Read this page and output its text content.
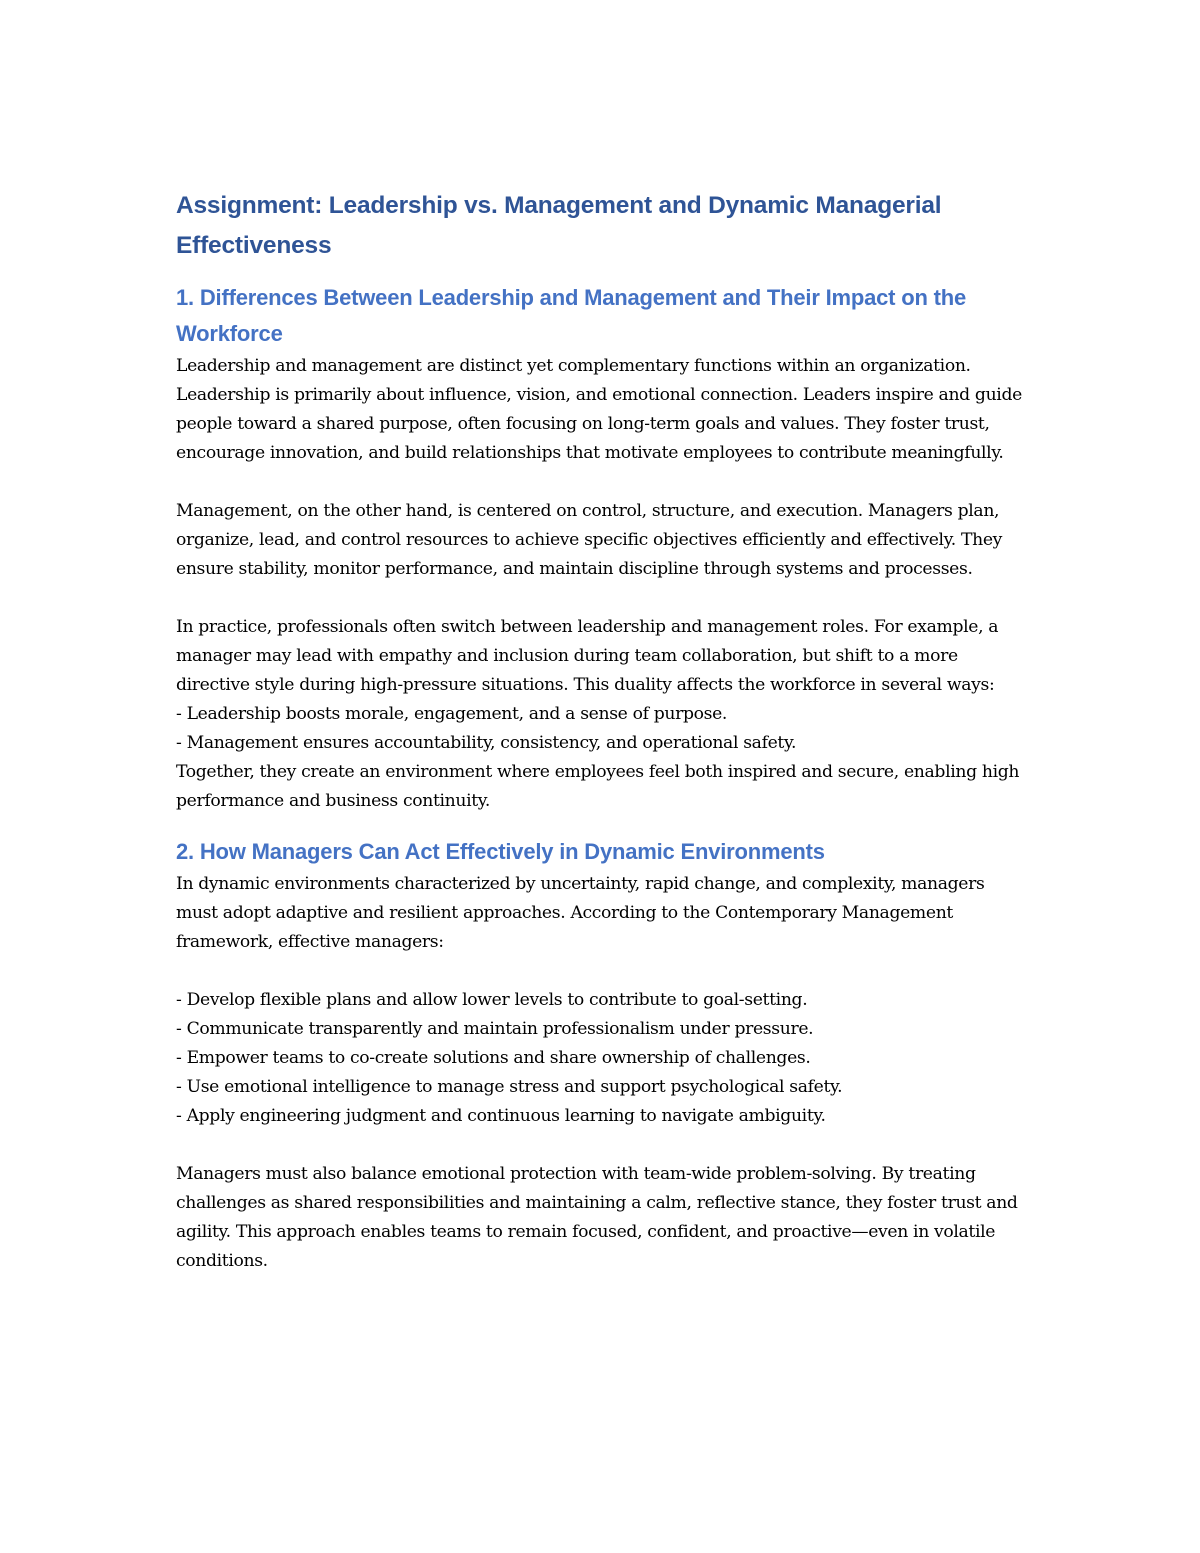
Assignment: Leadership vs. Management and Dynamic Managerial Effectiveness
1. Differences Between Leadership and Management and Their Impact on the Workforce

Leadership and management are distinct yet complementary functions within an organization. Leadership is primarily about influence, vision, and emotional connection. Leaders inspire and guide people toward a shared purpose, often focusing on long-term goals and values. They foster trust, encourage innovation, and build relationships that motivate employees to contribute meaningfully.

Management, on the other hand, is centered on control, structure, and execution. Managers plan, organize, lead, and control resources to achieve specific objectives efficiently and effectively. They ensure stability, monitor performance, and maintain discipline through systems and processes.

In practice, professionals often switch between leadership and management roles. For example, a manager may lead with empathy and inclusion during team collaboration, but shift to a more directive style during high-pressure situations. This duality affects the workforce in several ways:

- Leadership boosts morale, engagement, and a sense of purpose.

- Management ensures accountability, consistency, and operational safety.

Together, they create an environment where employees feel both inspired and secure, enabling high performance and business continuity.

2. How Managers Can Act Effectively in Dynamic Environments

In dynamic environments characterized by uncertainty, rapid change, and complexity, managers must adopt adaptive and resilient approaches. According to the Contemporary Management framework, effective managers:

- Develop flexible plans and allow lower levels to contribute to goal-setting.

- Communicate transparently and maintain professionalism under pressure.

- Empower teams to co-create solutions and share ownership of challenges.

- Use emotional intelligence to manage stress and support psychological safety.

- Apply engineering judgment and continuous learning to navigate ambiguity.

Managers must also balance emotional protection with team-wide problem-solving. By treating challenges as shared responsibilities and maintaining a calm, reflective stance, they foster trust and agility. This approach enables teams to remain focused, confident, and proactive—even in volatile conditions.
